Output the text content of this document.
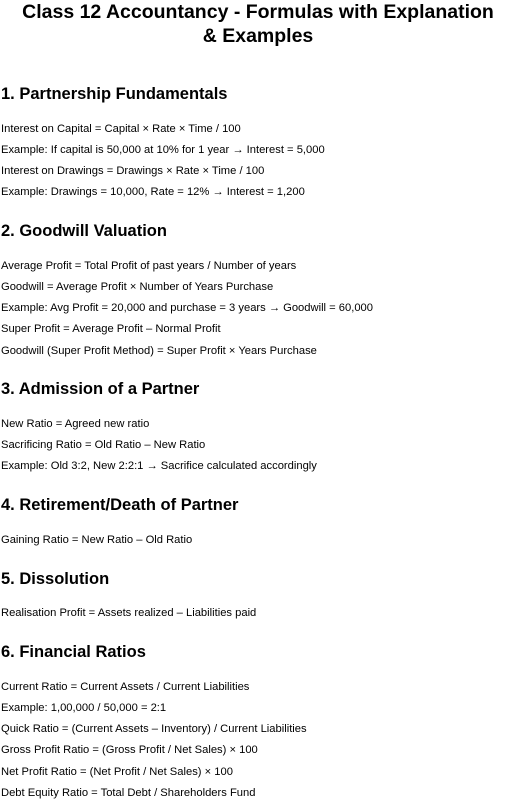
Class 12 Accountancy - Formulas with Explanation
& Examples
1. Partnership Fundamentals

Interest on Capital = Capital × Rate × Time / 100

Example: If capital is 50,000 at 10% for 1 year → Interest = 5,000

Interest on Drawings = Drawings × Rate × Time / 100

Example: Drawings = 10,000, Rate = 12% → Interest = 1,200

2. Goodwill Valuation

Average Profit = Total Profit of past years / Number of years

Goodwill = Average Profit × Number of Years Purchase

Example: Avg Profit = 20,000 and purchase = 3 years → Goodwill = 60,000

Super Profit = Average Profit – Normal Profit

Goodwill (Super Profit Method) = Super Profit × Years Purchase

3. Admission of a Partner

New Ratio = Agreed new ratio

Sacrificing Ratio = Old Ratio – New Ratio

Example: Old 3:2, New 2:2:1 → Sacrifice calculated accordingly

4. Retirement/Death of Partner

Gaining Ratio = New Ratio – Old Ratio

5. Dissolution

Realisation Profit = Assets realized – Liabilities paid

6. Financial Ratios

Current Ratio = Current Assets / Current Liabilities

Example: 1,00,000 / 50,000 = 2:1

Quick Ratio = (Current Assets – Inventory) / Current Liabilities

Gross Profit Ratio = (Gross Profit / Net Sales) × 100

Net Profit Ratio = (Net Profit / Net Sales) × 100

Debt Equity Ratio = Total Debt / Shareholders Fund
